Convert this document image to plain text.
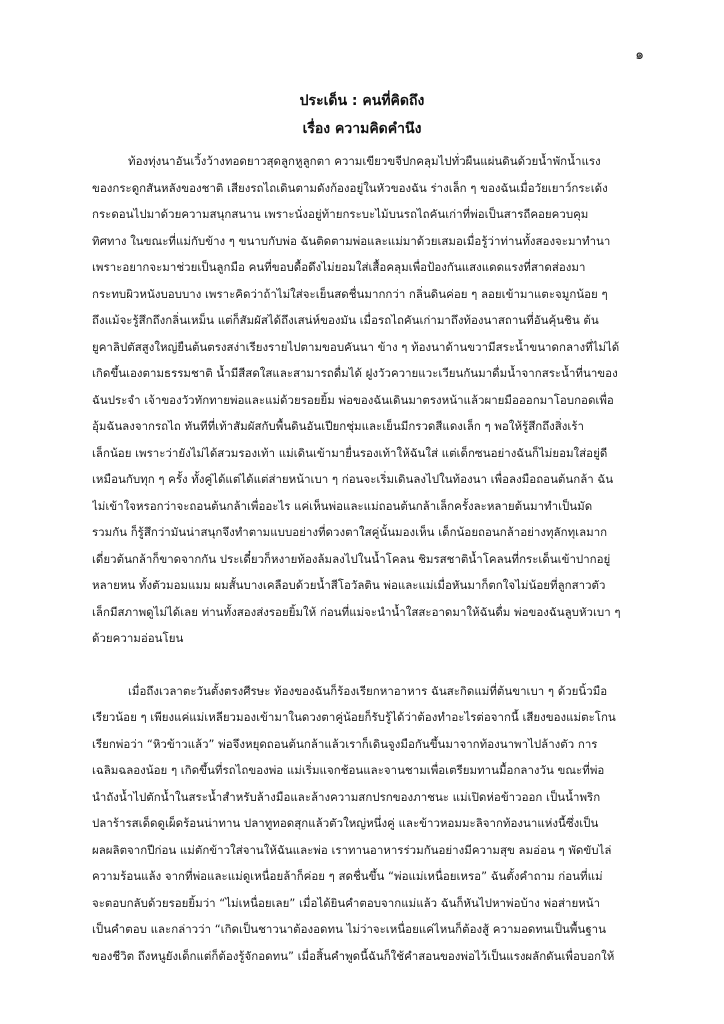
๑
ประเด็น : คนที่คิดถึง
เรื่อง ความคิดคำนึง
ท้องทุ่งนาอันเวิ้งว้างทอดยาวสุดลูกหูลูกตา ความเขียวขจีปกคลุมไปทั่วผืนแผ่นดินด้วยน้ำพักน้ำแรง
ของกระดูกสันหลังของชาติ เสียงรถไถเดินตามดังก้องอยู่ในหัวของฉัน ร่างเล็ก ๆ ของฉันเมื่อวัยเยาว์กระเด้ง
กระดอนไปมาด้วยความสนุกสนาน เพราะนั่งอยู่ท้ายกระบะไม้บนรถไถคันเก่าที่พ่อเป็นสารถีคอยควบคุม
ทิศทาง ในขณะที่แม่กับข้าง ๆ ขนาบกับพ่อ ฉันติดตามพ่อและแม่มาด้วยเสมอเมื่อรู้ว่าท่านทั้งสองจะมาทำนา
เพราะอยากจะมาช่วยเป็นลูกมือ คนที่ขอบดื้อดึงไม่ยอมใส่เสื้อคลุมเพื่อป้องกันแสงแดดแรงที่สาดส่องมา
กระทบผิวหนังบอบบาง เพราะคิดว่าถ้าไม่ใส่จะเย็นสดชื่นมากกว่า กลิ่นดินค่อย ๆ ลอยเข้ามาแตะจมูกน้อย ๆ
ถึงแม้จะรู้สึกถึงกลิ่นเหม็น แต่ก็สัมผัสได้ถึงเสน่ห์ของมัน เมื่อรถไถคันเก่ามาถึงท้องนาสถานที่อันคุ้นชิน ต้น
ยูคาลิปตัสสูงใหญ่ยืนต้นตรงสง่าเรียงรายไปตามขอบคันนา ข้าง ๆ ท้องนาด้านขวามีสระน้ำขนาดกลางที่ไม่ได้
เกิดขึ้นเองตามธรรมชาติ น้ำมีสีสดใสและสามารถดื่มได้ ฝูงวัวควายแวะเวียนกันมาดื่มน้ำจากสระน้ำที่นาของ
ฉันประจำ เจ้าของวัวทักทายพ่อและแม่ด้วยรอยยิ้ม พ่อของฉันเดินมาตรงหน้าแล้วผายมือออกมาโอบกอดเพื่อ
อุ้มฉันลงจากรถไถ ทันทีที่เท้าสัมผัสกับพื้นดินอันเปียกชุ่มและเย็นมีกรวดสีแดงเล็ก ๆ พอให้รู้สึกถึงสิ่งเร้า
เล็กน้อย เพราะว่ายังไม่ได้สวมรองเท้า แม่เดินเข้ามายื่นรองเท้าให้ฉันใส่ แต่เด็กซนอย่างฉันก็ไม่ยอมใส่อยู่ดี
เหมือนกับทุก ๆ ครั้ง ทั้งคู่ได้แต่ได้แต่ส่ายหน้าเบา ๆ ก่อนจะเริ่มเดินลงไปในท้องนา เพื่อลงมือถอนต้นกล้า ฉัน
ไม่เข้าใจหรอกว่าจะถอนต้นกล้าเพื่ออะไร แค่เห็นพ่อและแม่ถอนต้นกล้าเล็กครั้งละหลายต้นมาทำเป็นมัด
รวมกัน ก็รู้สึกว่ามันน่าสนุกจึงทำตามแบบอย่างที่ดวงตาใสคู่นั้นมองเห็น เด็กน้อยถอนกล้าอย่างทุลักทุเลมาก
เดี่ยวต้นกล้าก็ขาดจากกัน ประเดี๋ยวก็หงายท้องล้มลงไปในน้ำโคลน ชิมรสชาติน้ำโคลนที่กระเด็นเข้าปากอยู่
หลายหน ทั้งตัวมอมแมม ผมสั้นบางเคลือบด้วยน้ำสีโอวัลติน พ่อและแม่เมื่อหันมาก็ตกใจไม่น้อยที่ลูกสาวตัว
เล็กมีสภาพดูไม่ได้เลย ท่านทั้งสองส่งรอยยิ้มให้ ก่อนที่แม่จะนำน้ำใสสะอาดมาให้ฉันดื่ม พ่อของฉันลูบหัวเบา ๆ
ด้วยความอ่อนโยน
เมื่อถึงเวลาตะวันตั้งตรงศีรษะ ท้องของฉันก็ร้องเรียกหาอาหาร ฉันสะกิดแม่ที่ต้นขาเบา ๆ ด้วยนิ้วมือ
เรียวน้อย ๆ เพียงแค่แม่เหลียวมองเข้ามาในดวงตาคู่น้อยก็รับรู้ได้ว่าต้องทำอะไรต่อจากนี้ เสียงของแม่ตะโกน
เรียกพ่อว่า “หิวข้าวแล้ว” พ่อจึงหยุดถอนต้นกล้าแล้วเราก็เดินจูงมือกันขึ้นมาจากท้องนาพาไปล้างตัว การ
เฉลิมฉลองน้อย ๆ เกิดขึ้นที่รถไถของพ่อ แม่เริ่มแจกช้อนและจานชามเพื่อเตรียมทานมื้อกลางวัน ขณะที่พ่อ
นำถังน้ำไปตักน้ำในสระน้ำสำหรับล้างมือและล้างความสกปรกของภาชนะ แม่เปิดห่อข้าวออก เป็นน้ำพริก
ปลาร้ารสเด็ดดูเผ็ดร้อนน่าทาน ปลาทูทอดสุกแล้วตัวใหญ่หนึ่งคู่ และข้าวหอมมะลิจากท้องนาแห่งนี้ซึ่งเป็น
ผลผลิตจากปีก่อน แม่ตักข้าวใส่จานให้ฉันและพ่อ เราทานอาหารร่วมกันอย่างมีความสุข ลมอ่อน ๆ พัดขับไล่
ความร้อนแล้ง จากที่พ่อและแม่ดูเหนื่อยล้าก็ค่อย ๆ สดชื่นขึ้น “พ่อแม่เหนื่อยเหรอ” ฉันตั้งคำถาม ก่อนที่แม่
จะตอบกลับด้วยรอยยิ้มว่า “ไม่เหนื่อยเลย” เมื่อได้ยินคำตอบจากแม่แล้ว ฉันก็หันไปหาพ่อบ้าง พ่อส่ายหน้า
เป็นคำตอบ และกล่าวว่า “เกิดเป็นชาวนาต้องอดทน ไม่ว่าจะเหนื่อยแค่ไหนก็ต้องสู้ ความอดทนเป็นพื้นฐาน
ของชีวิต ถึงหนูยังเด็กแต่ก็ต้องรู้จักอดทน” เมื่อสิ้นคำพูดนี้ฉันก็ใช้คำสอนของพ่อไว้เป็นแรงผลักดันเพื่อบอกให้
